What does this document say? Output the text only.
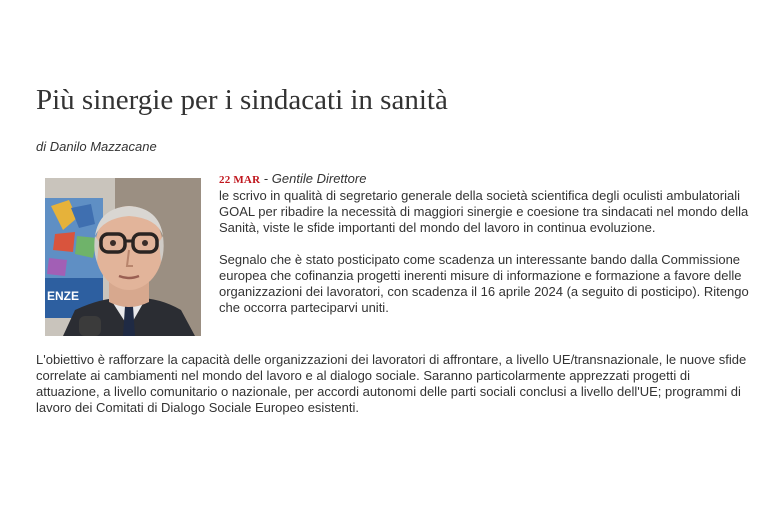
Più sinergie per i sindacati in sanità
di Danilo Mazzacane
ENZE
22 MAR - Gentile Direttore

le scrivo in qualità di segretario generale della società scientifica degli oculisti ambulatoriali GOAL per ribadire la necessità di maggiori sinergie e coesione tra sindacati nel mondo della Sanità, viste le sfide importanti del mondo del lavoro in continua evoluzione.

Segnalo che è stato posticipato come scadenza un interessante bando dalla Commissione europea che cofinanzia progetti inerenti misure di informazione e formazione a favore delle organizzazioni dei lavoratori, con scadenza il 16 aprile 2024 (a seguito di posticipo). Ritengo che occorra parteciparvi uniti.

L'obiettivo è rafforzare la capacità delle organizzazioni dei lavoratori di affrontare, a livello UE/transnazionale, le nuove sfide correlate ai cambiamenti nel mondo del lavoro e al dialogo sociale. Saranno particolarmente apprezzati progetti di attuazione, a livello comunitario o nazionale, per accordi autonomi delle parti sociali conclusi a livello dell'UE; programmi di lavoro dei Comitati di Dialogo Sociale Europeo esistenti.
